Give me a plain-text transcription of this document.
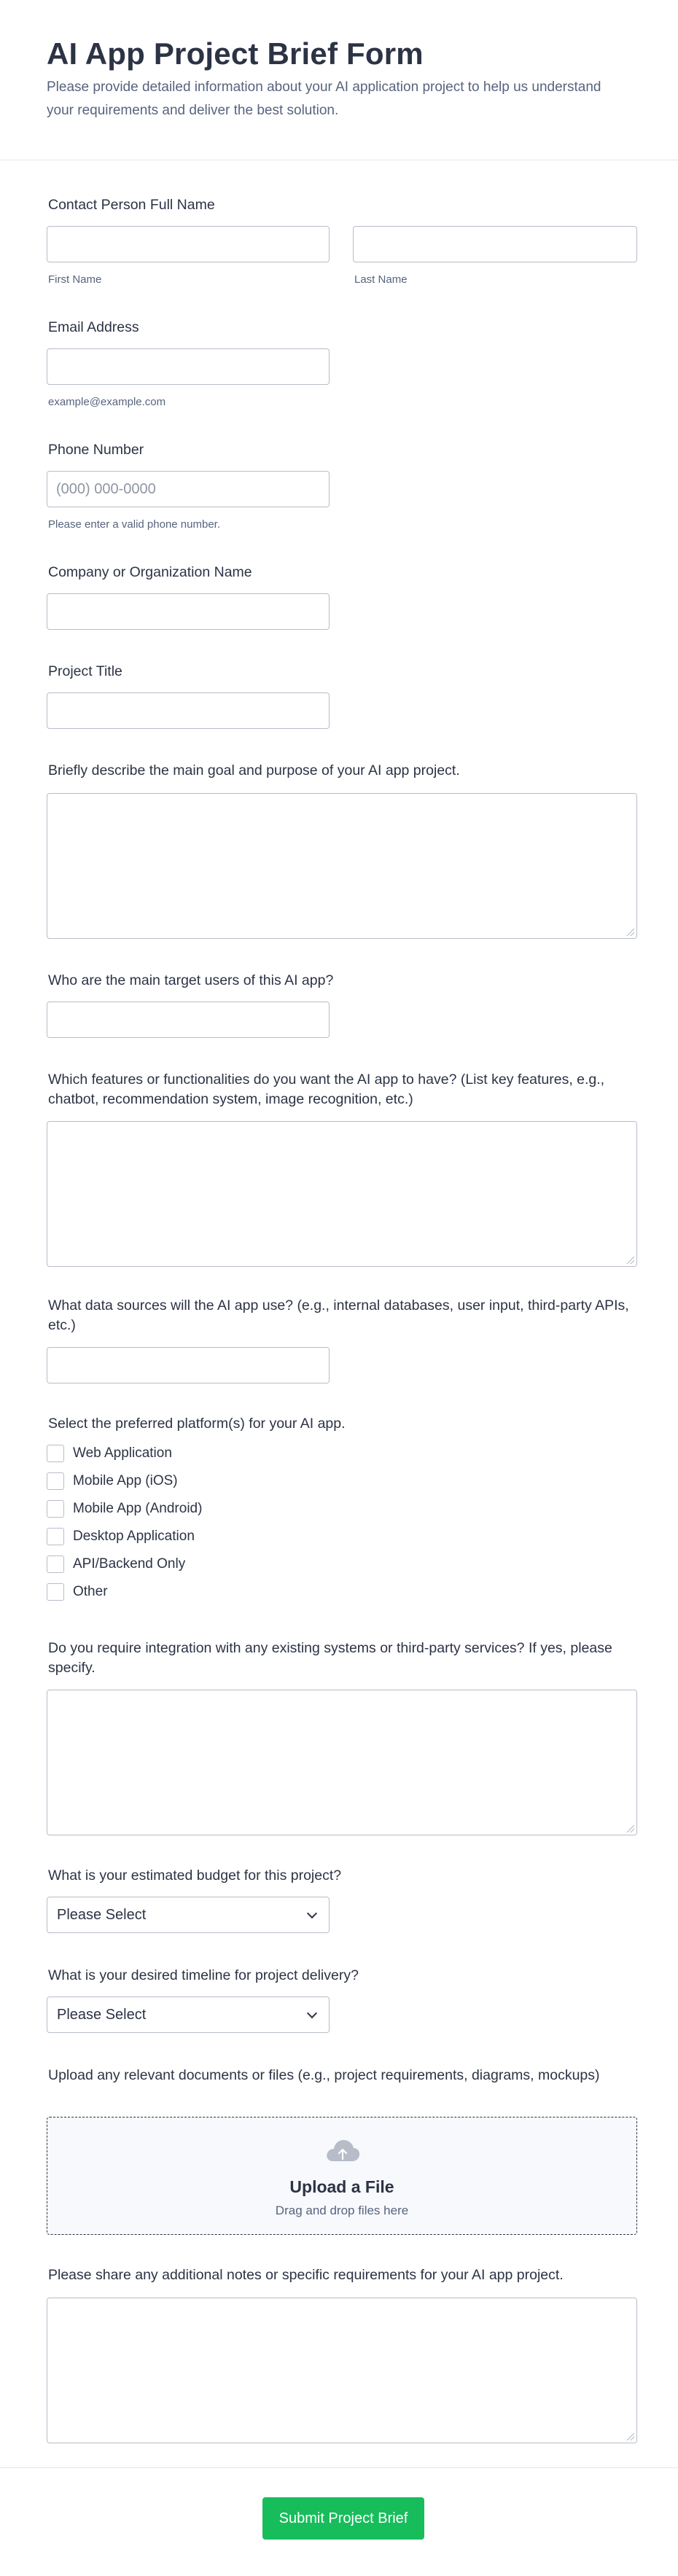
AI App Project Brief Form

Please provide detailed information about your AI application project to help us understand your requirements and deliver the best solution.

Contact Person Full Name
First Name	Last Name
Email Address
example@example.com
Phone Number
(000) 000-0000
Please enter a valid phone number.
Company or Organization Name
Project Title
Briefly describe the main goal and purpose of your AI app project.
Who are the main target users of this AI app?
Which features or functionalities do you want the AI app to have? (List key features, e.g., chatbot, recommendation system, image recognition, etc.)
What data sources will the AI app use? (e.g., internal databases, user input, third-party APIs, etc.)
Select the preferred platform(s) for your AI app.
Web Application
Mobile App (iOS)
Mobile App (Android)
Desktop Application
API/Backend Only
Other
Do you require integration with any existing systems or third-party services? If yes, please specify.
What is your estimated budget for this project?
Please Select
What is your desired timeline for project delivery?
Please Select
Upload any relevant documents or files (e.g., project requirements, diagrams, mockups)
Upload a File
Drag and drop files here
Please share any additional notes or specific requirements for your AI app project.
Submit Project Brief
